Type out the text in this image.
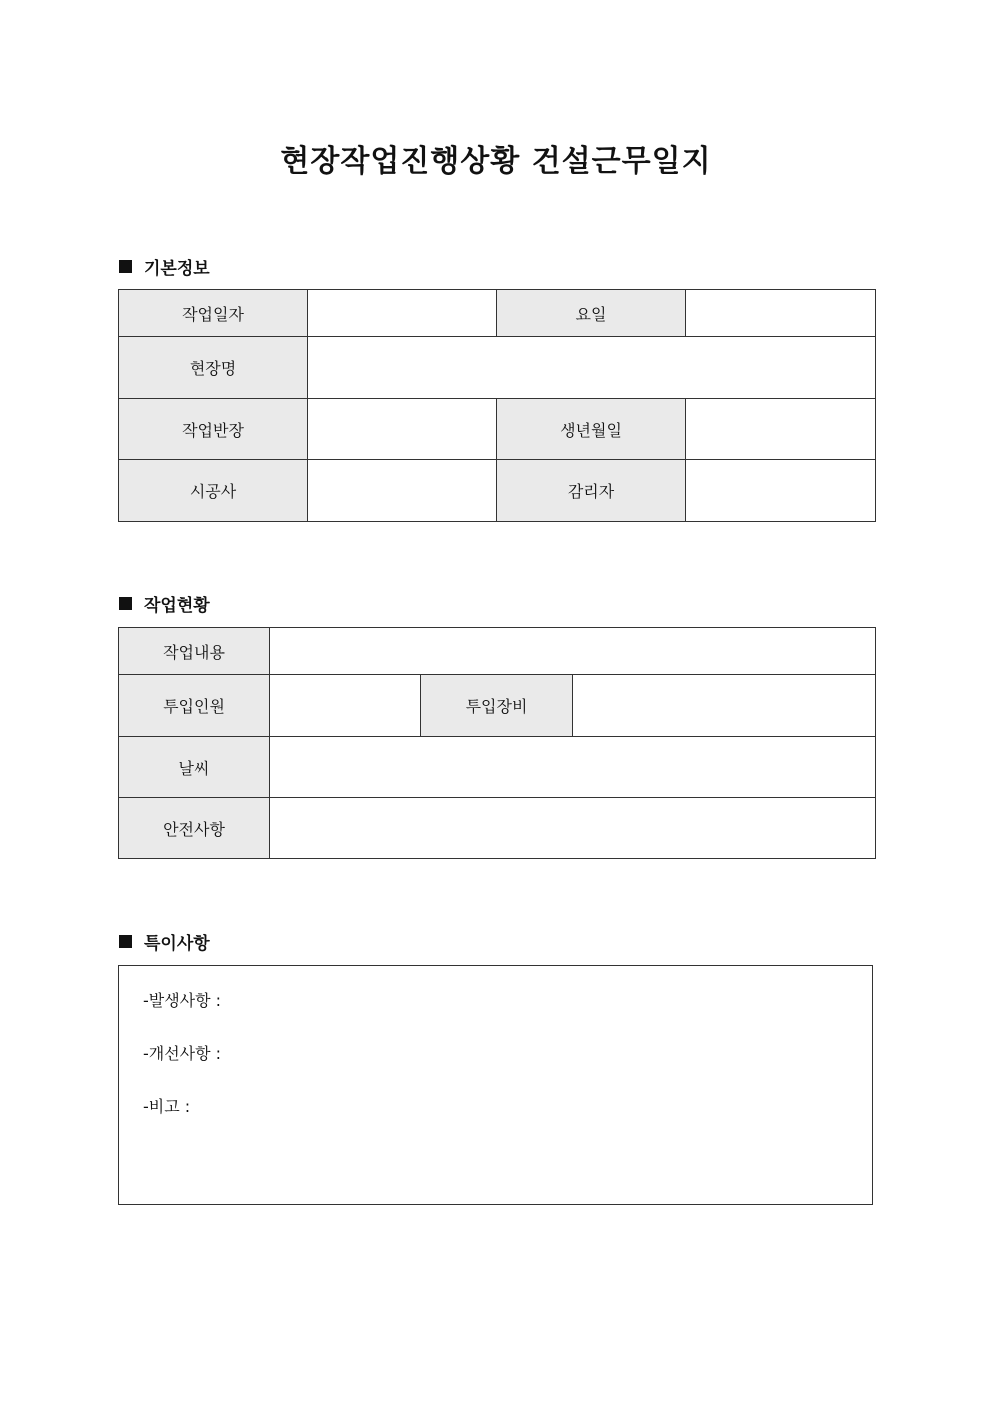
현장작업진행상황 건설근무일지
기본정보
작업일자		요일	
현장명			
작업반장		생년월일	
시공사		감리자	
작업현황
작업내용			
투입인원		투입장비	
날씨			
안전사항			
특이사항
-발생사항 :
-개선사항 :
-비고 :
